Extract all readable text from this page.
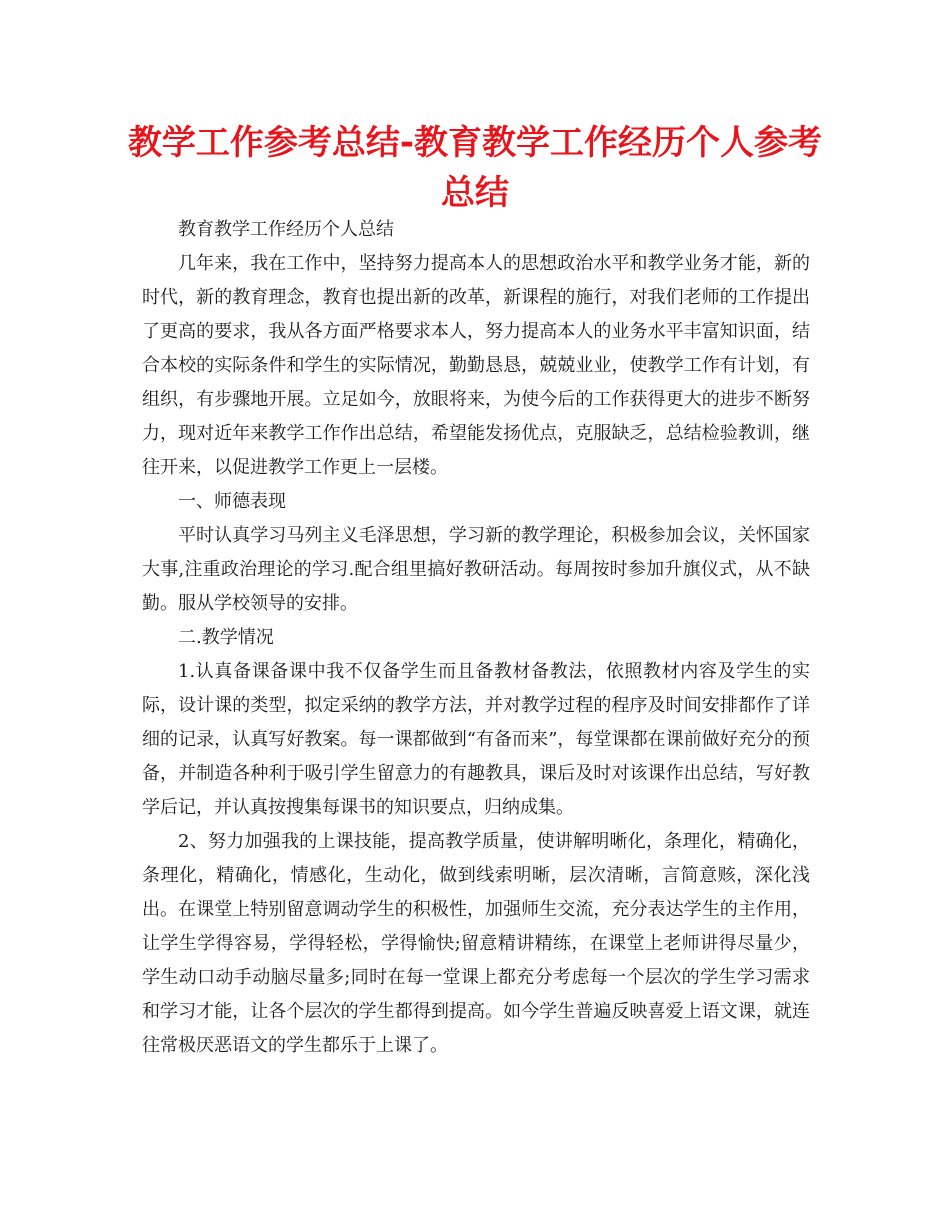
教学工作参考总结-教育教学工作经历个人参考总结

教育教学工作经历个人总结

几年来，我在工作中，坚持努力提高本人的思想政治水平和教学业务才能，新的时代，新的教育理念，教育也提出新的改革，新课程的施行，对我们老师的工作提出了更高的要求，我从各方面严格要求本人，努力提高本人的业务水平丰富知识面，结合本校的实际条件和学生的实际情况，勤勤恳恳，兢兢业业，使教学工作有计划，有组织，有步骤地开展。立足如今，放眼将来，为使今后的工作获得更大的进步不断努力，现对近年来教学工作作出总结，希望能发扬优点，克服缺乏，总结检验教训，继往开来，以促进教学工作更上一层楼。

一、师德表现

平时认真学习马列主义毛泽思想，学习新的教学理论，积极参加会议，关怀国家大事,注重政治理论的学习.配合组里搞好教研活动。每周按时参加升旗仪式，从不缺勤。服从学校领导的安排。

二.教学情况

1.认真备课备课中我不仅备学生而且备教材备教法，依照教材内容及学生的实际，设计课的类型，拟定采纳的教学方法，并对教学过程的程序及时间安排都作了详细的记录，认真写好教案。每一课都做到“有备而来”，每堂课都在课前做好充分的预备，并制造各种利于吸引学生留意力的有趣教具，课后及时对该课作出总结，写好教学后记，并认真按搜集每课书的知识要点，归纳成集。

2、努力加强我的上课技能，提高教学质量，使讲解明晰化，条理化，精确化，条理化，精确化，情感化，生动化，做到线索明晰，层次清晰，言简意赅，深化浅出。在课堂上特别留意调动学生的积极性，加强师生交流，充分表达学生的主作用，让学生学得容易，学得轻松，学得愉快;留意精讲精练，在课堂上老师讲得尽量少，学生动口动手动脑尽量多;同时在每一堂课上都充分考虑每一个层次的学生学习需求和学习才能，让各个层次的学生都得到提高。如今学生普遍反映喜爱上语文课，就连往常极厌恶语文的学生都乐于上课了。
